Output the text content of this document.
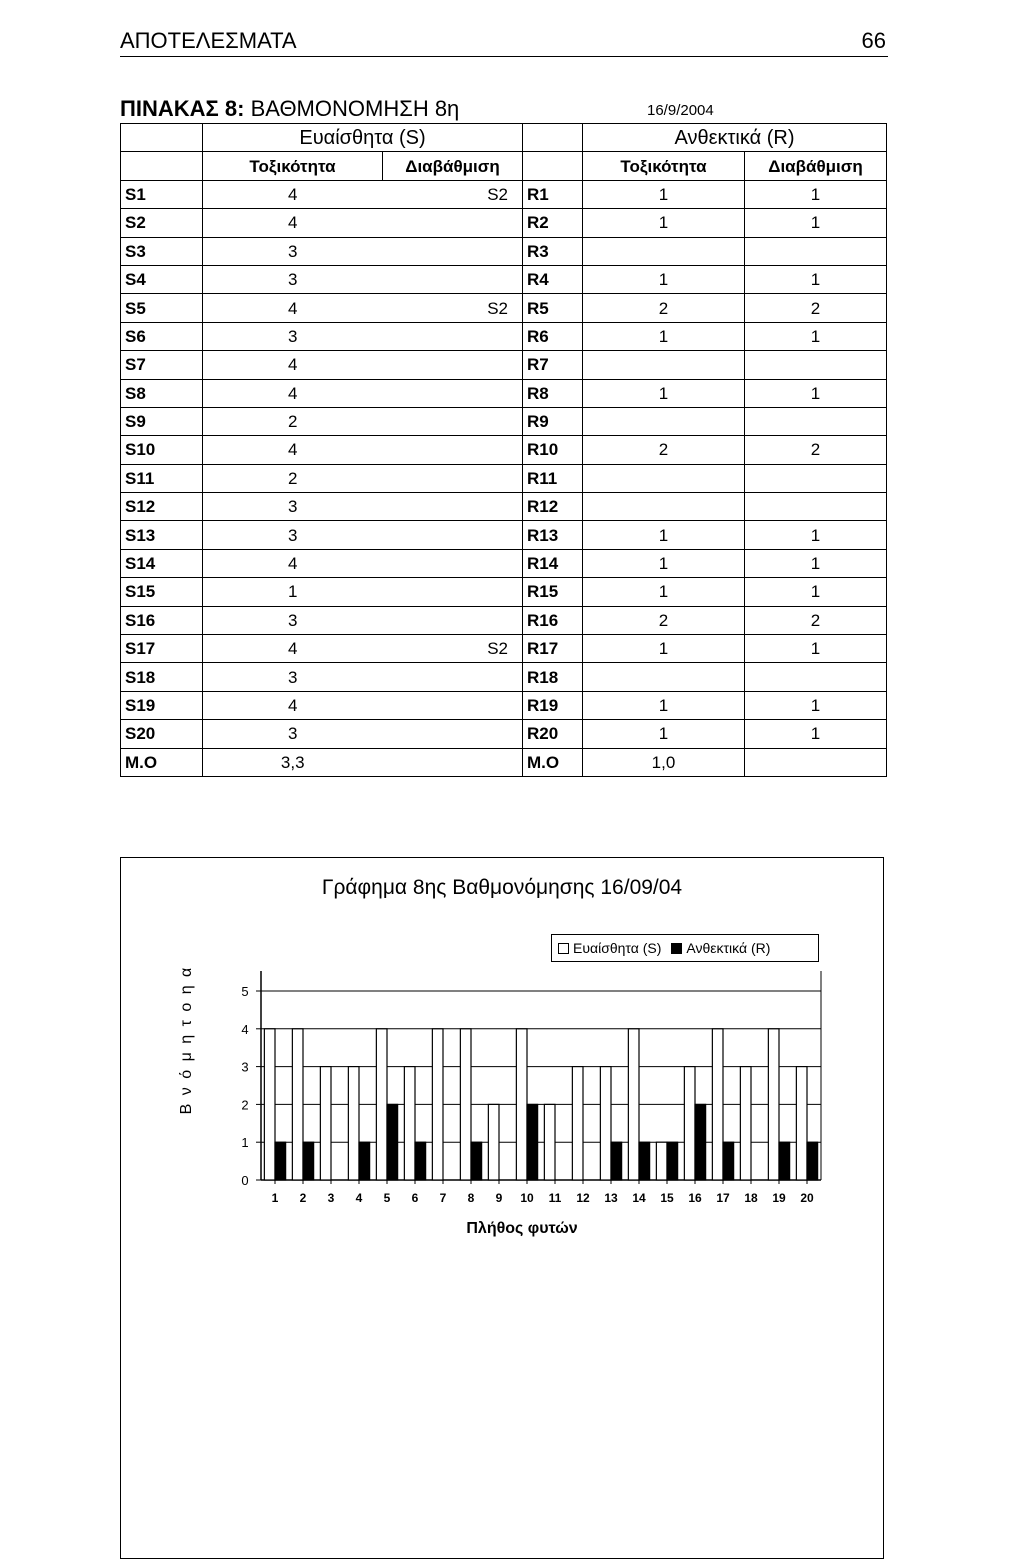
ΑΠΟΤΕΛΕΣΜΑΤΑ	66
ΠΙΝΑΚΑΣ 8: ΒΑΘΜΟΝΟΜΗΣΗ 8η	16/9/2004
	Ευαίσθητα (S)			Ανθεκτικά (R)	
	Τοξικότητα	Διαβάθμιση		Τοξικότητα	Διαβάθμιση
S1	4	S2	R1	1	1
S2	4		R2	1	1
S3	3		R3		
S4	3		R4	1	1
S5	4	S2	R5	2	2
S6	3		R6	1	1
S7	4		R7		
S8	4		R8	1	1
S9	2		R9		
S10	4		R10	2	2
S11	2		R11		
S12	3		R12		
S13	3		R13	1	1
S14	4		R14	1	1
S15	1		R15	1	1
S16	3		R16	2	2
S17	4	S2	R17	1	1
S18	3		R18		
S19	4		R19	1	1
S20	3		R20	1	1
M.O	3,3		M.O	1,0	
Γράφημα 8ης Βαθμονόμησης 16/09/04
Ευαίσθητα (S) Ανθεκτικά (R)
Β ν ό μ η τ ο η α
0
1
2
3
4
5
1 2 3 4 5 6 7 8 9 10 11 12 13 14 15 16 17 18 19 20
Πλήθος φυτών
